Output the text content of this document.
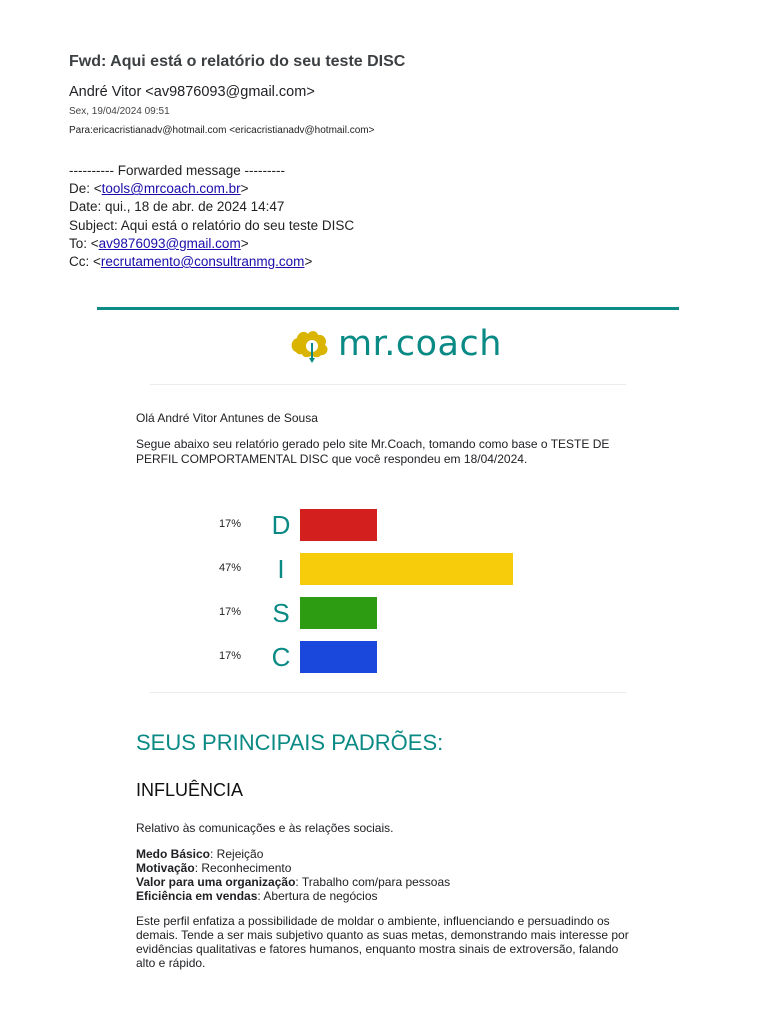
Fwd: Aqui está o relatório do seu teste DISC
André Vitor <av9876093@gmail.com>
Sex, 19/04/2024 09:51
Para:ericacristianadv@hotmail.com <ericacristianadv@hotmail.com>
---------- Forwarded message ---------
De: <tools@mrcoach.com.br>
Date: qui., 18 de abr. de 2024 14:47
Subject: Aqui está o relatório do seu teste DISC
To: <av9876093@gmail.com>
Cc: <recrutamento@consultranmg.com>
mr.coach
Olá André Vitor Antunes de Sousa
Segue abaixo seu relatório gerado pelo site Mr.Coach, tomando como base o TESTE DE PERFIL COMPORTAMENTAL DISC que você respondeu em 18/04/2024.
17%	D
47%	I
17%	S
17%	C
SEUS PRINCIPAIS PADRÕES:
INFLUÊNCIA
Relativo às comunicações e às relações sociais.
Medo Básico: Rejeição
Motivação: Reconhecimento
Valor para uma organização: Trabalho com/para pessoas
Eficiência em vendas: Abertura de negócios
Este perfil enfatiza a possibilidade de moldar o ambiente, influenciando e persuadindo os demais. Tende a ser mais subjetivo quanto as suas metas, demonstrando mais interesse por evidências qualitativas e fatores humanos, enquanto mostra sinais de extroversão, falando alto e rápido.
